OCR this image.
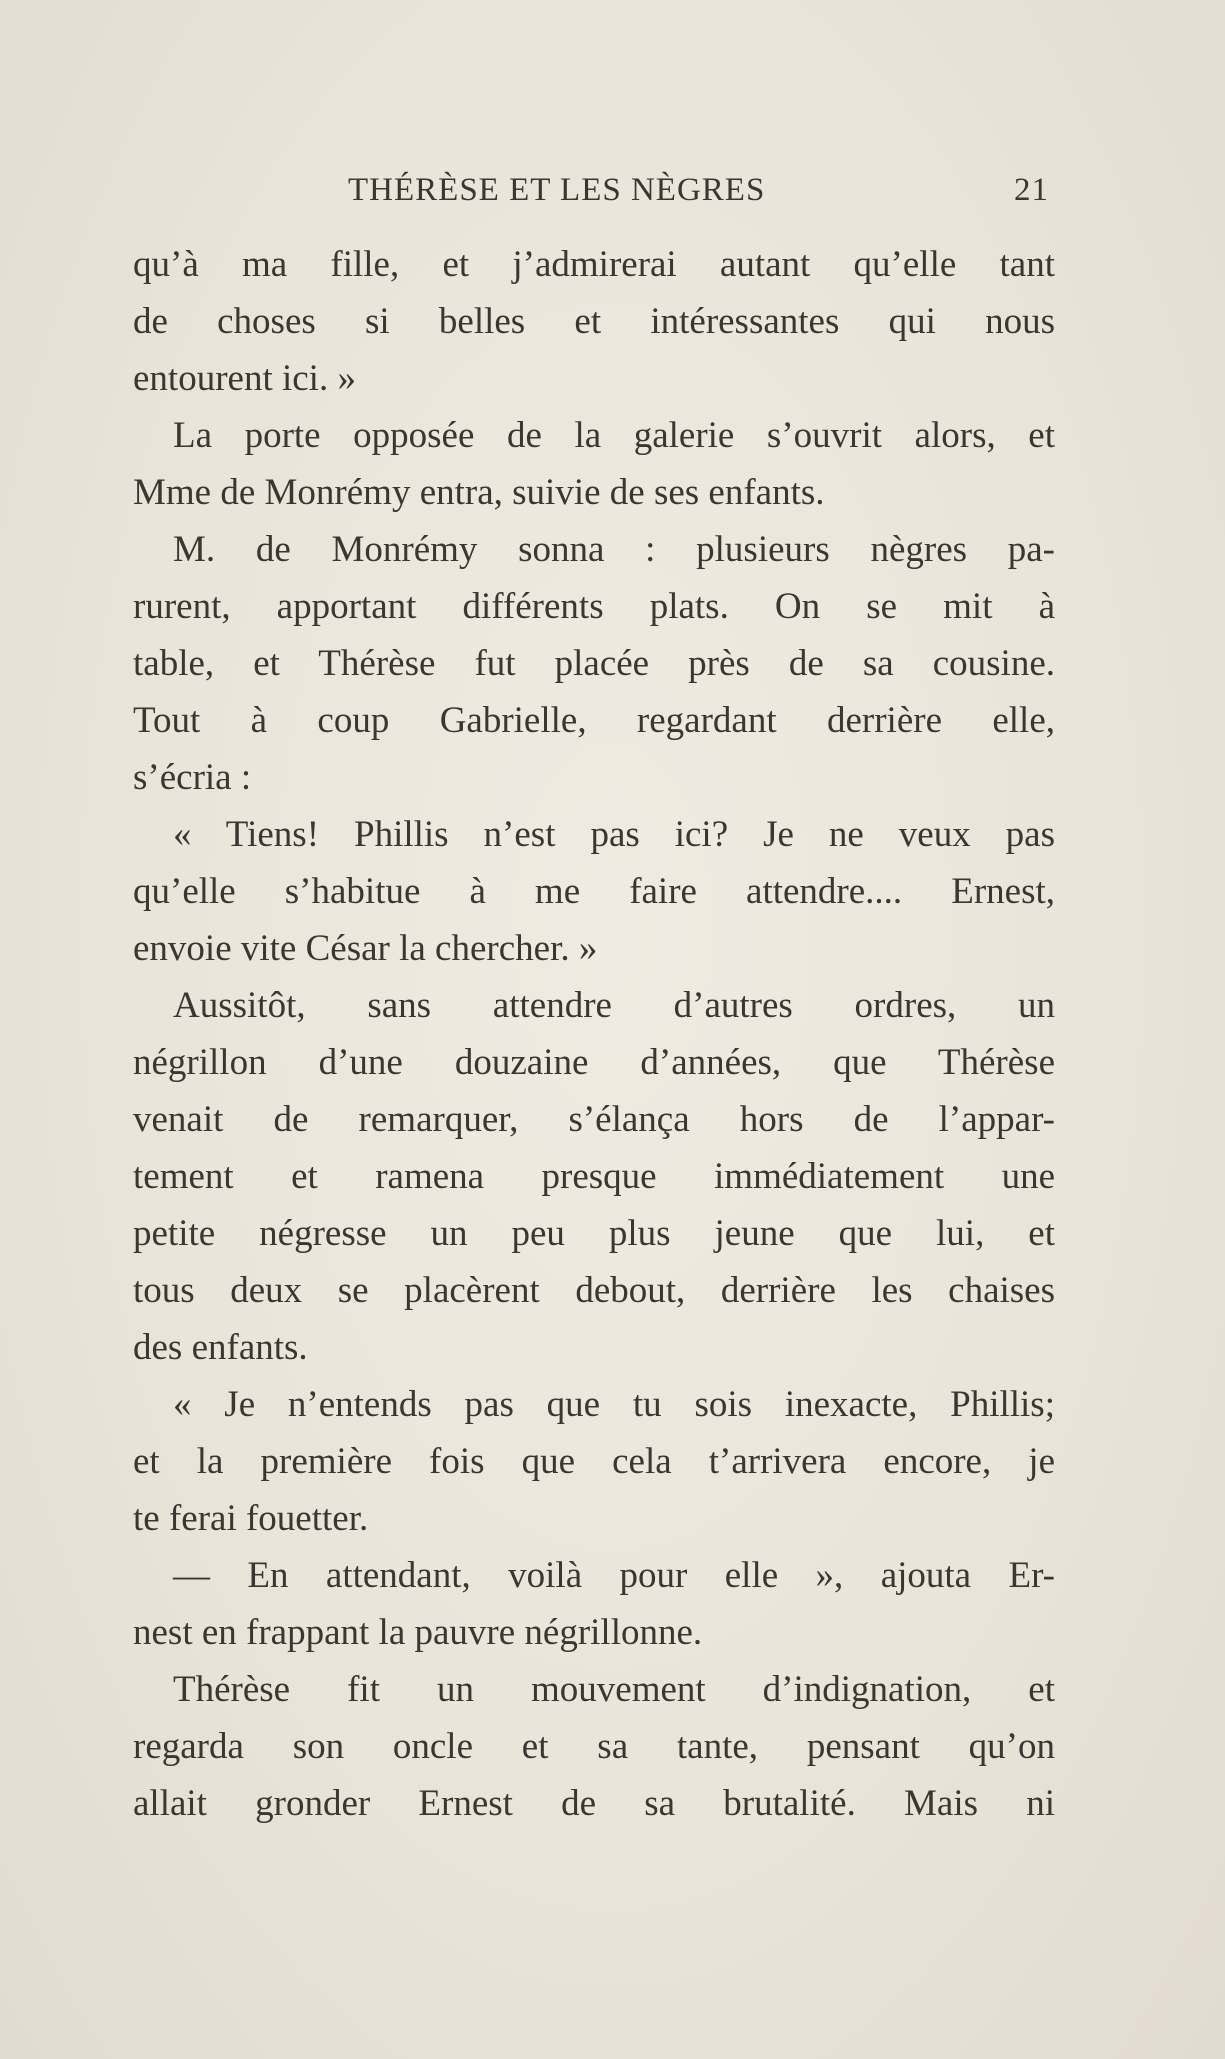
THÉRÈSE ET LES NÈGRES	21
qu’à ma fille, et j’admirerai autant qu’elle tant
de choses si belles et intéressantes qui nous
entourent ici. »
La porte opposée de la galerie s’ouvrit alors, et
Mme de Monrémy entra, suivie de ses enfants.
M. de Monrémy sonna : plusieurs nègres pa-
rurent, apportant différents plats. On se mit à
table, et Thérèse fut placée près de sa cousine.
Tout à coup Gabrielle, regardant derrière elle,
s’écria :
« Tiens! Phillis n’est pas ici? Je ne veux pas
qu’elle s’habitue à me faire attendre.... Ernest,
envoie vite César la chercher. »
Aussitôt, sans attendre d’autres ordres, un
négrillon d’une douzaine d’années, que Thérèse
venait de remarquer, s’élança hors de l’appar-
tement et ramena presque immédiatement une
petite négresse un peu plus jeune que lui, et
tous deux se placèrent debout, derrière les chaises
des enfants.
« Je n’entends pas que tu sois inexacte, Phillis;
et la première fois que cela t’arrivera encore, je
te ferai fouetter.
— En attendant, voilà pour elle », ajouta Er-
nest en frappant la pauvre négrillonne.
Thérèse fit un mouvement d’indignation, et
regarda son oncle et sa tante, pensant qu’on
allait gronder Ernest de sa brutalité. Mais ni
